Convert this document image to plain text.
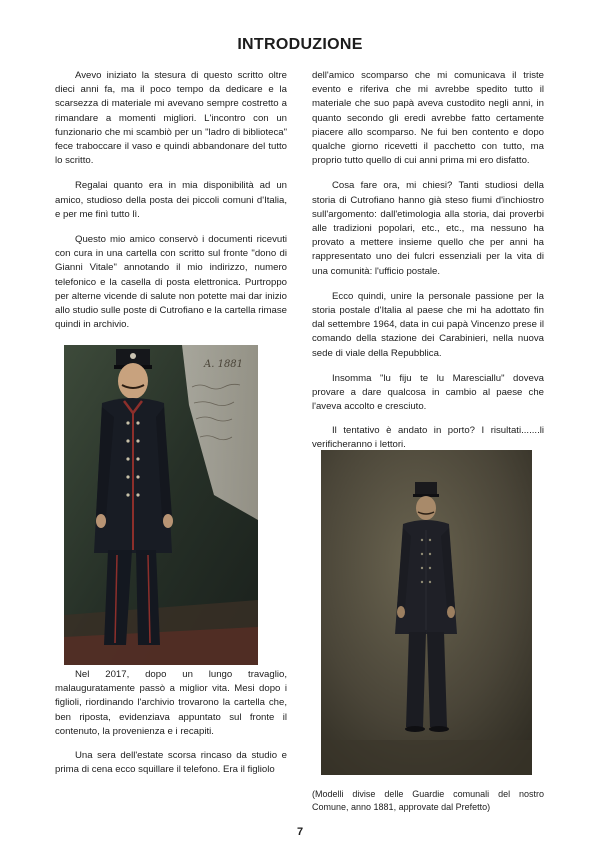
INTRODUZIONE

Avevo iniziato la stesura di questo scritto oltre dieci anni fa, ma il poco tempo da dedicare e la scarsezza di materiale mi avevano sempre costretto a rimandare a momenti migliori. L'incontro con un funzionario che mi scambiò per un "ladro di biblioteca" fece traboccare il vaso e quindi abbandonare del tutto lo scritto.

Regalai quanto era in mia disponibilità ad un amico, studioso della posta dei piccoli comuni d'Italia, e per me finì tutto lì.

Questo mio amico conservò i documenti ricevuti con cura in una cartella con scritto sul fronte "dono di Gianni Vitale" annotando il mio indirizzo, numero telefonico e la casella di posta elettronica. Purtroppo per alterne vicende di salute non potette mai dar inizio allo studio sulle poste di Cutrofiano e la cartella rimase quindi in archivio.

A. 1881

Nel 2017, dopo un lungo travaglio, malauguratamente passò a miglior vita. Mesi dopo i figlioli, riordinando l'archivio trovarono la cartella che, ben riposta, evidenziava appuntato sul fronte il contenuto, la provenienza e i recapiti.

Una sera dell'estate scorsa rincaso da studio e prima di cena ecco squillare il telefono. Era il figliolo

dell'amico scomparso che mi comunicava il triste evento e riferiva che mi avrebbe spedito tutto il materiale che suo papà aveva custodito negli anni, in quanto secondo gli eredi avrebbe fatto certamente piacere allo scomparso. Ne fui ben contento e dopo qualche giorno ricevetti il pacchetto con tutto, ma proprio tutto quello di cui anni prima mi ero disfatto.

Cosa fare ora, mi chiesi? Tanti studiosi della storia di Cutrofiano hanno già steso fiumi d'inchiostro sull'argomento: dall'etimologia alla storia, dai proverbi alle tradizioni popolari, etc., etc., ma nessuno ha provato a mettere insieme quello che per anni ha rappresentato uno dei fulcri essenziali per la vita di una comunità: l'ufficio postale.

Ecco quindi, unire la personale passione per la storia postale d'Italia al paese che mi ha adottato fin dal settembre 1964, data in cui papà Vincenzo prese il comando della stazione dei Carabinieri, nella nuova sede di viale della Repubblica.

Insomma "lu fiju te lu Maresciallu" doveva provare a dare qualcosa in cambio al paese che l'aveva accolto e cresciuto.

Il tentativo è andato in porto? I risultati.......li verificheranno i lettori.

(Modelli divise delle Guardie comunali del nostro Comune, anno 1881, approvate dal Prefetto)
7
